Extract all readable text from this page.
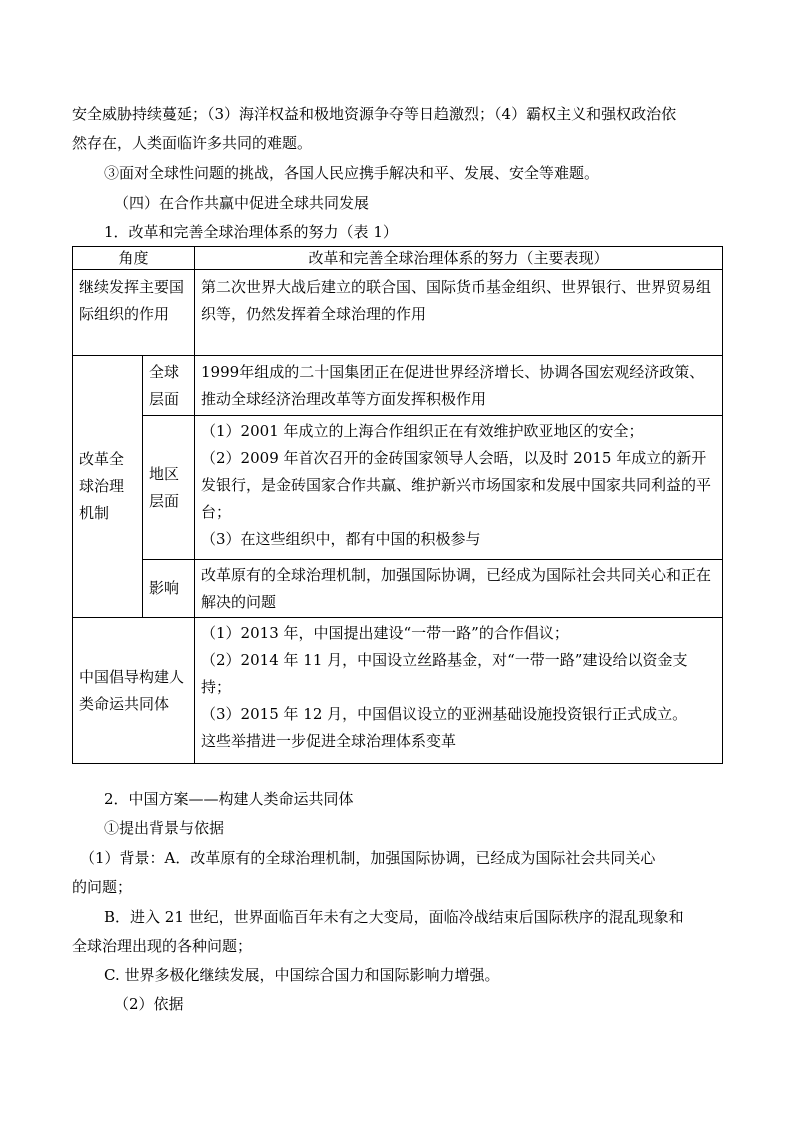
安全威胁持续蔓延；（3）海洋权益和极地资源争夺等日趋激烈；（4）霸权主义和强权政治依
然存在，人类面临许多共同的难题。
③面对全球性问题的挑战，各国人民应携手解决和平、发展、安全等难题。
（四）在合作共赢中促进全球共同发展
1．改革和完善全球治理体系的努力（表 1）
角度		改革和完善全球治理体系的努力（主要表现）
继续发挥主要国际组织的作用		第二次世界大战后建立的联合国、国际货币基金组织、世界银行、世界贸易组织等，仍然发挥着全球治理的作用
改革全球治理机制	全球层面	1999年组成的二十国集团正在促进世界经济增长、协调各国宏观经济政策、推动全球经济治理改革等方面发挥积极作用
	地区层面	（1）2001 年成立的上海合作组织正在有效维护欧亚地区的安全；
（2）2009 年首次召开的金砖国家领导人会晤，以及时 2015 年成立的新开发银行，是金砖国家合作共赢、维护新兴市场国家和发展中国家共同利益的平台；
（3）在这些组织中，都有中国的积极参与

	影响	改革原有的全球治理机制，加强国际协调，已经成为国际社会共同关心和正在解决的问题
中国倡导构建人类命运共同体		（1）2013 年，中国提出建设“一带一路”的合作倡议；
（2）2014 年 11 月，中国设立丝路基金，对“一带一路”建设给以资金支持；
（3）2015 年 12 月，中国倡议设立的亚洲基础设施投资银行正式成立。
这些举措进一步促进全球治理体系变革
2．中国方案——构建人类命运共同体
①提出背景与依据
（1）背景：A．改革原有的全球治理机制，加强国际协调，已经成为国际社会共同关心
的问题；
B．进入 21 世纪，世界面临百年未有之大变局，面临冷战结束后国际秩序的混乱现象和
全球治理出现的各种问题；
C. 世界多极化继续发展，中国综合国力和国际影响力增强。
（2）依据
